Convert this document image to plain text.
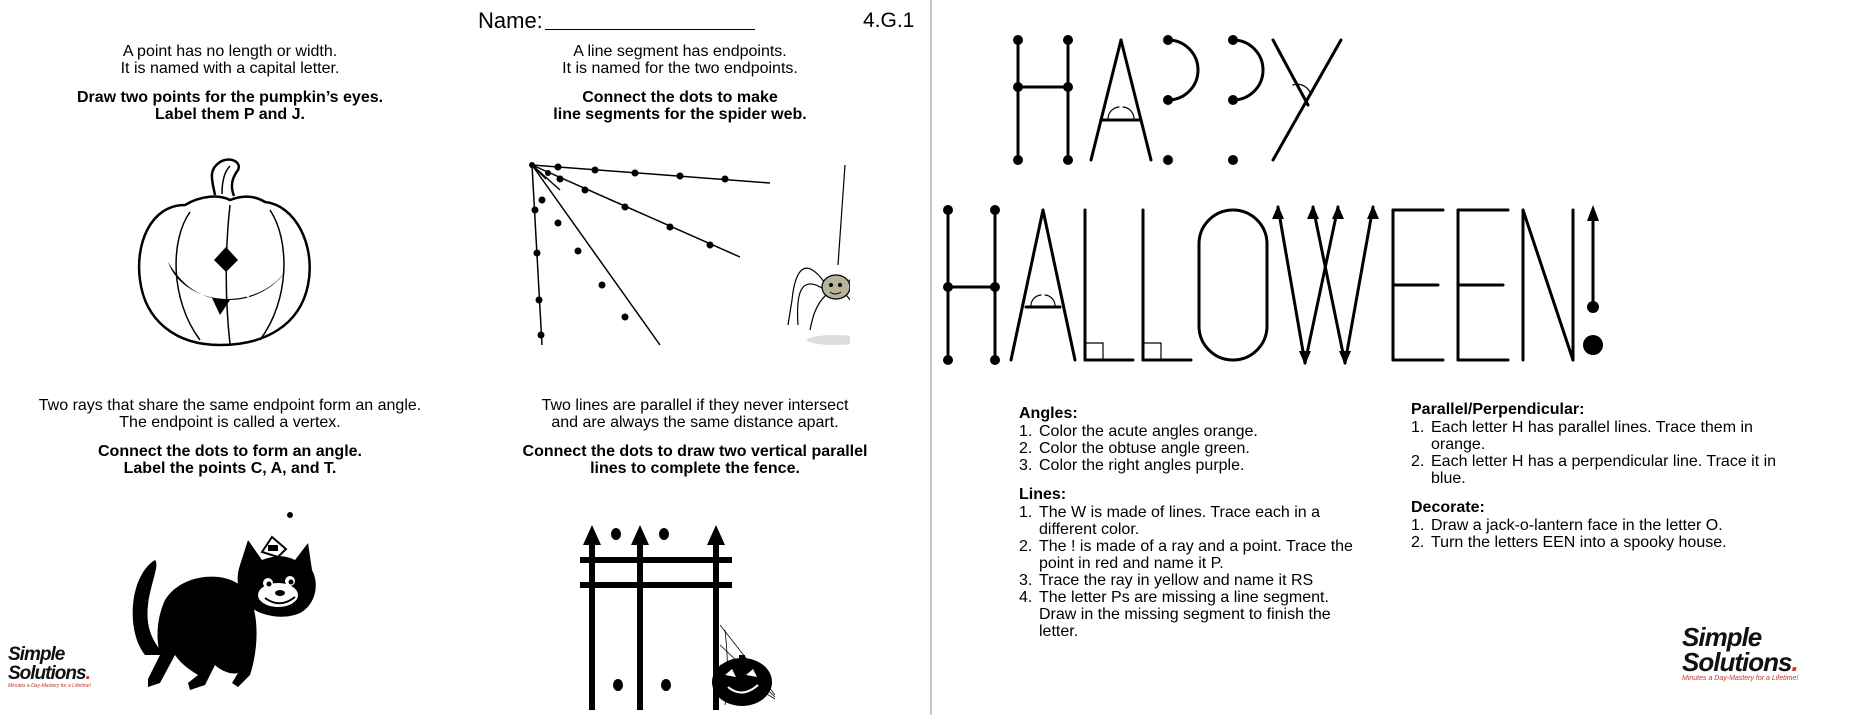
Name:	4.G.1

A point has no length or width.
It is named with a capital letter.

Draw two points for the pumpkin’s eyes.
Label them P and J.

A line segment has endpoints.
It is named for the two endpoints.

Connect the dots to make
line segments for the spider web.

Two rays that share the same endpoint form an angle.
The endpoint is called a vertex.

Connect the dots to form an angle.
Label the points C, A, and T.

Two lines are parallel if they never intersect
and are always the same distance apart.

Connect the dots to draw two vertical parallel
lines to complete the fence.

Simple
Solutions.
Minutes a Day-Mastery for a Lifetime!
HAPPY
HALLOWEEN!

Angles:

1. Color the acute angles orange.
2. Color the obtuse angle green.
3. Color the right angles purple.

Lines:

1. The W is made of lines. Trace each in a different color.
2. The ! is made of a ray and a point. Trace the point in red and name it P.
3. Trace the ray in yellow and name it RS
4. The letter Ps are missing a line segment. Draw in the missing segment to finish the letter.

Parallel/Perpendicular:

1. Each letter H has parallel lines. Trace them in orange.
2. Each letter H has a perpendicular line. Trace it in blue.

Decorate:

1. Draw a jack-o-lantern face in the letter O.
2. Turn the letters EEN into a spooky house.
Simple
Solutions.
Minutes a Day-Mastery for a Lifetime!
